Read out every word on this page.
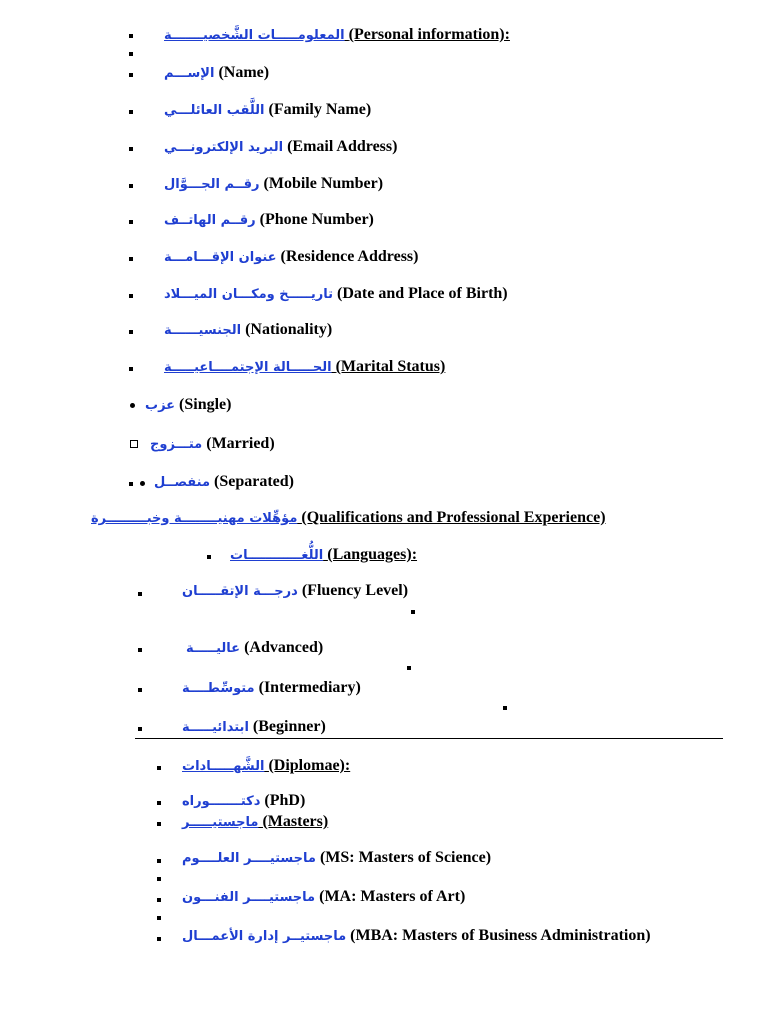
المعلومـــــات الشَّخصيـــــــة (Personal information):
الإســـم (Name)
اللَّقب العائلـــي (Family Name)
البريد الإلكترونـــي (Email Address)
رقــم الجـــوَّال (Mobile Number)
رقــم الهاتــف (Phone Number)
عنوان الإقـــامـــة (Residence Address)
تاريـــــخ ومكـــان الميـــلاد (Date and Place of Birth)
الجنسيــــــة (Nationality)
الحـــــالة الإجتمــــاعيـــــة (Marital Status)
عزب (Single)
متـــزوج (Married)
منفصــل (Separated)
مؤهِّلات مهنيــــــــة وخبـــــــــرة (Qualifications and Professional Experience)
اللُّغــــــــــــات (Languages):
درجـــة الإتقـــــان (Fluency Level)
عاليـــــة (Advanced)
متوسِّطــــة (Intermediary)
ابتدائيـــــة (Beginner)
الشَّهـــــادات (Diplomae):
دكتـــــــوراه (PhD)
ماجستيـــــر (Masters)
ماجستيــــر العلــــوم (MS: Masters of Science)
ماجستيــــر الفنـــون (MA: Masters of Art)
ماجستيــر إدارة الأعمـــال (MBA: Masters of Business Administration)
